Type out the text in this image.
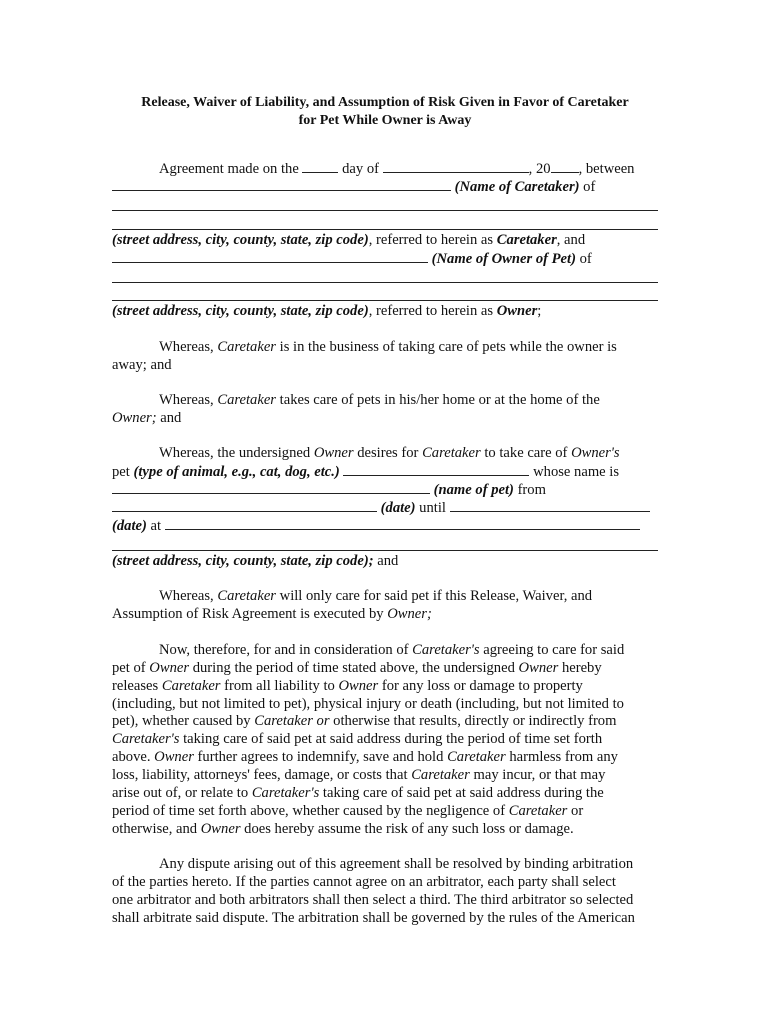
Release, Waiver of Liability, and Assumption of Risk Given in Favor of Caretaker
for Pet While Owner is Away
Agreement made on the	day of	, 20 , between
(Name of Caretaker) of
(street address, city, county, state, zip code), referred to herein as Caretaker, and
(Name of Owner of Pet) of
(street address, city, county, state, zip code), referred to herein as Owner;
Whereas, Caretaker is in the business of taking care of pets while the owner is
away; and
Whereas, Caretaker takes care of pets in his/her home or at the home of the
Owner; and
Whereas, the undersigned Owner desires for Caretaker to take care of Owner's
pet (type of animal, e.g., cat, dog, etc.)	whose name is
(name of pet) from
(date) until
(date) at
(street address, city, county, state, zip code); and
Whereas, Caretaker will only care for said pet if this Release, Waiver, and
Assumption of Risk Agreement is executed by Owner;
Now, therefore, for and in consideration of Caretaker's agreeing to care for said
pet of Owner during the period of time stated above, the undersigned Owner hereby
releases Caretaker from all liability to Owner for any loss or damage to property
(including, but not limited to pet), physical injury or death (including, but not limited to
pet), whether caused by Caretaker or otherwise that results, directly or indirectly from
Caretaker's taking care of said pet at said address during the period of time set forth
above. Owner further agrees to indemnify, save and hold Caretaker harmless from any
loss, liability, attorneys' fees, damage, or costs that Caretaker may incur, or that may
arise out of, or relate to Caretaker's taking care of said pet at said address during the
period of time set forth above, whether caused by the negligence of Caretaker or
otherwise, and Owner does hereby assume the risk of any such loss or damage.
Any dispute arising out of this agreement shall be resolved by binding arbitration
of the parties hereto. If the parties cannot agree on an arbitrator, each party shall select
one arbitrator and both arbitrators shall then select a third. The third arbitrator so selected
shall arbitrate said dispute. The arbitration shall be governed by the rules of the American
